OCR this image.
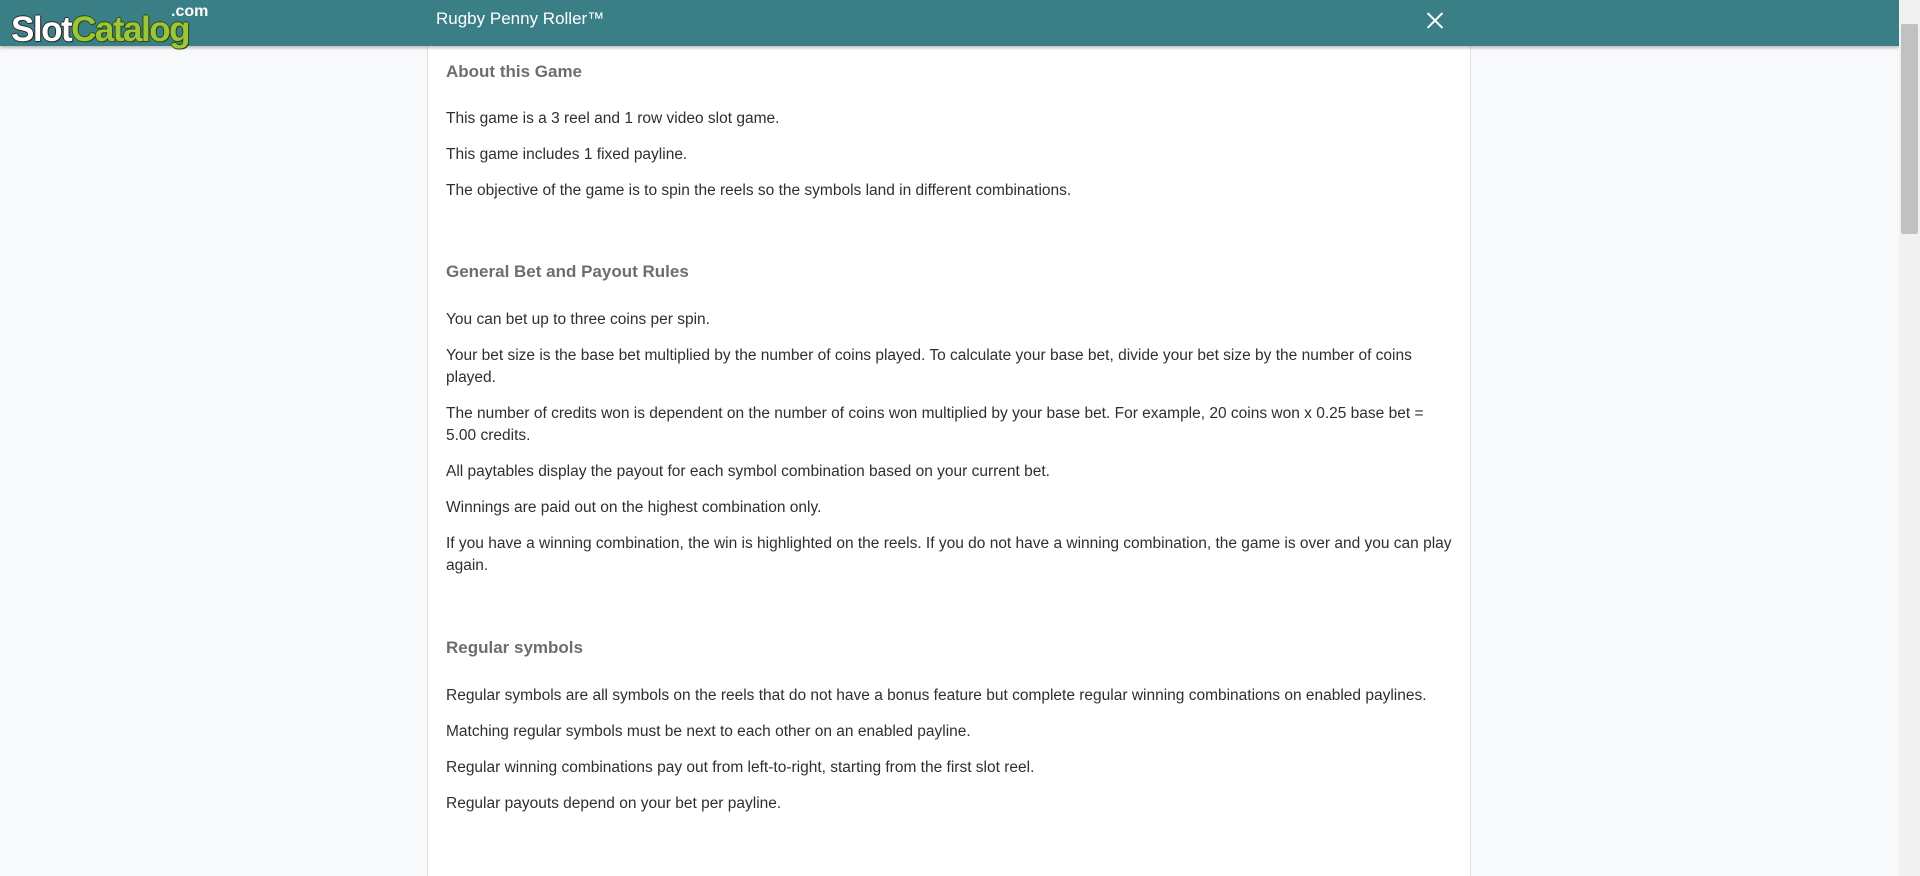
SlotCatalog
.com	Rugby Penny Roller™
About this Game

This game is a 3 reel and 1 row video slot game.

This game includes 1 fixed payline.

The objective of the game is to spin the reels so the symbols land in different combinations.

General Bet and Payout Rules

You can bet up to three coins per spin.

Your bet size is the base bet multiplied by the number of coins played. To calculate your base bet, divide your bet size by the number of coins played.

The number of credits won is dependent on the number of coins won multiplied by your base bet. For example, 20 coins won x 0.25 base bet = 5.00 credits.

All paytables display the payout for each symbol combination based on your current bet.

Winnings are paid out on the highest combination only.

If you have a winning combination, the win is highlighted on the reels. If you do not have a winning combination, the game is over and you can play again.

Regular symbols

Regular symbols are all symbols on the reels that do not have a bonus feature but complete regular winning combinations on enabled paylines.

Matching regular symbols must be next to each other on an enabled payline.

Regular winning combinations pay out from left-to-right, starting from the first slot reel.

Regular payouts depend on your bet per payline.
